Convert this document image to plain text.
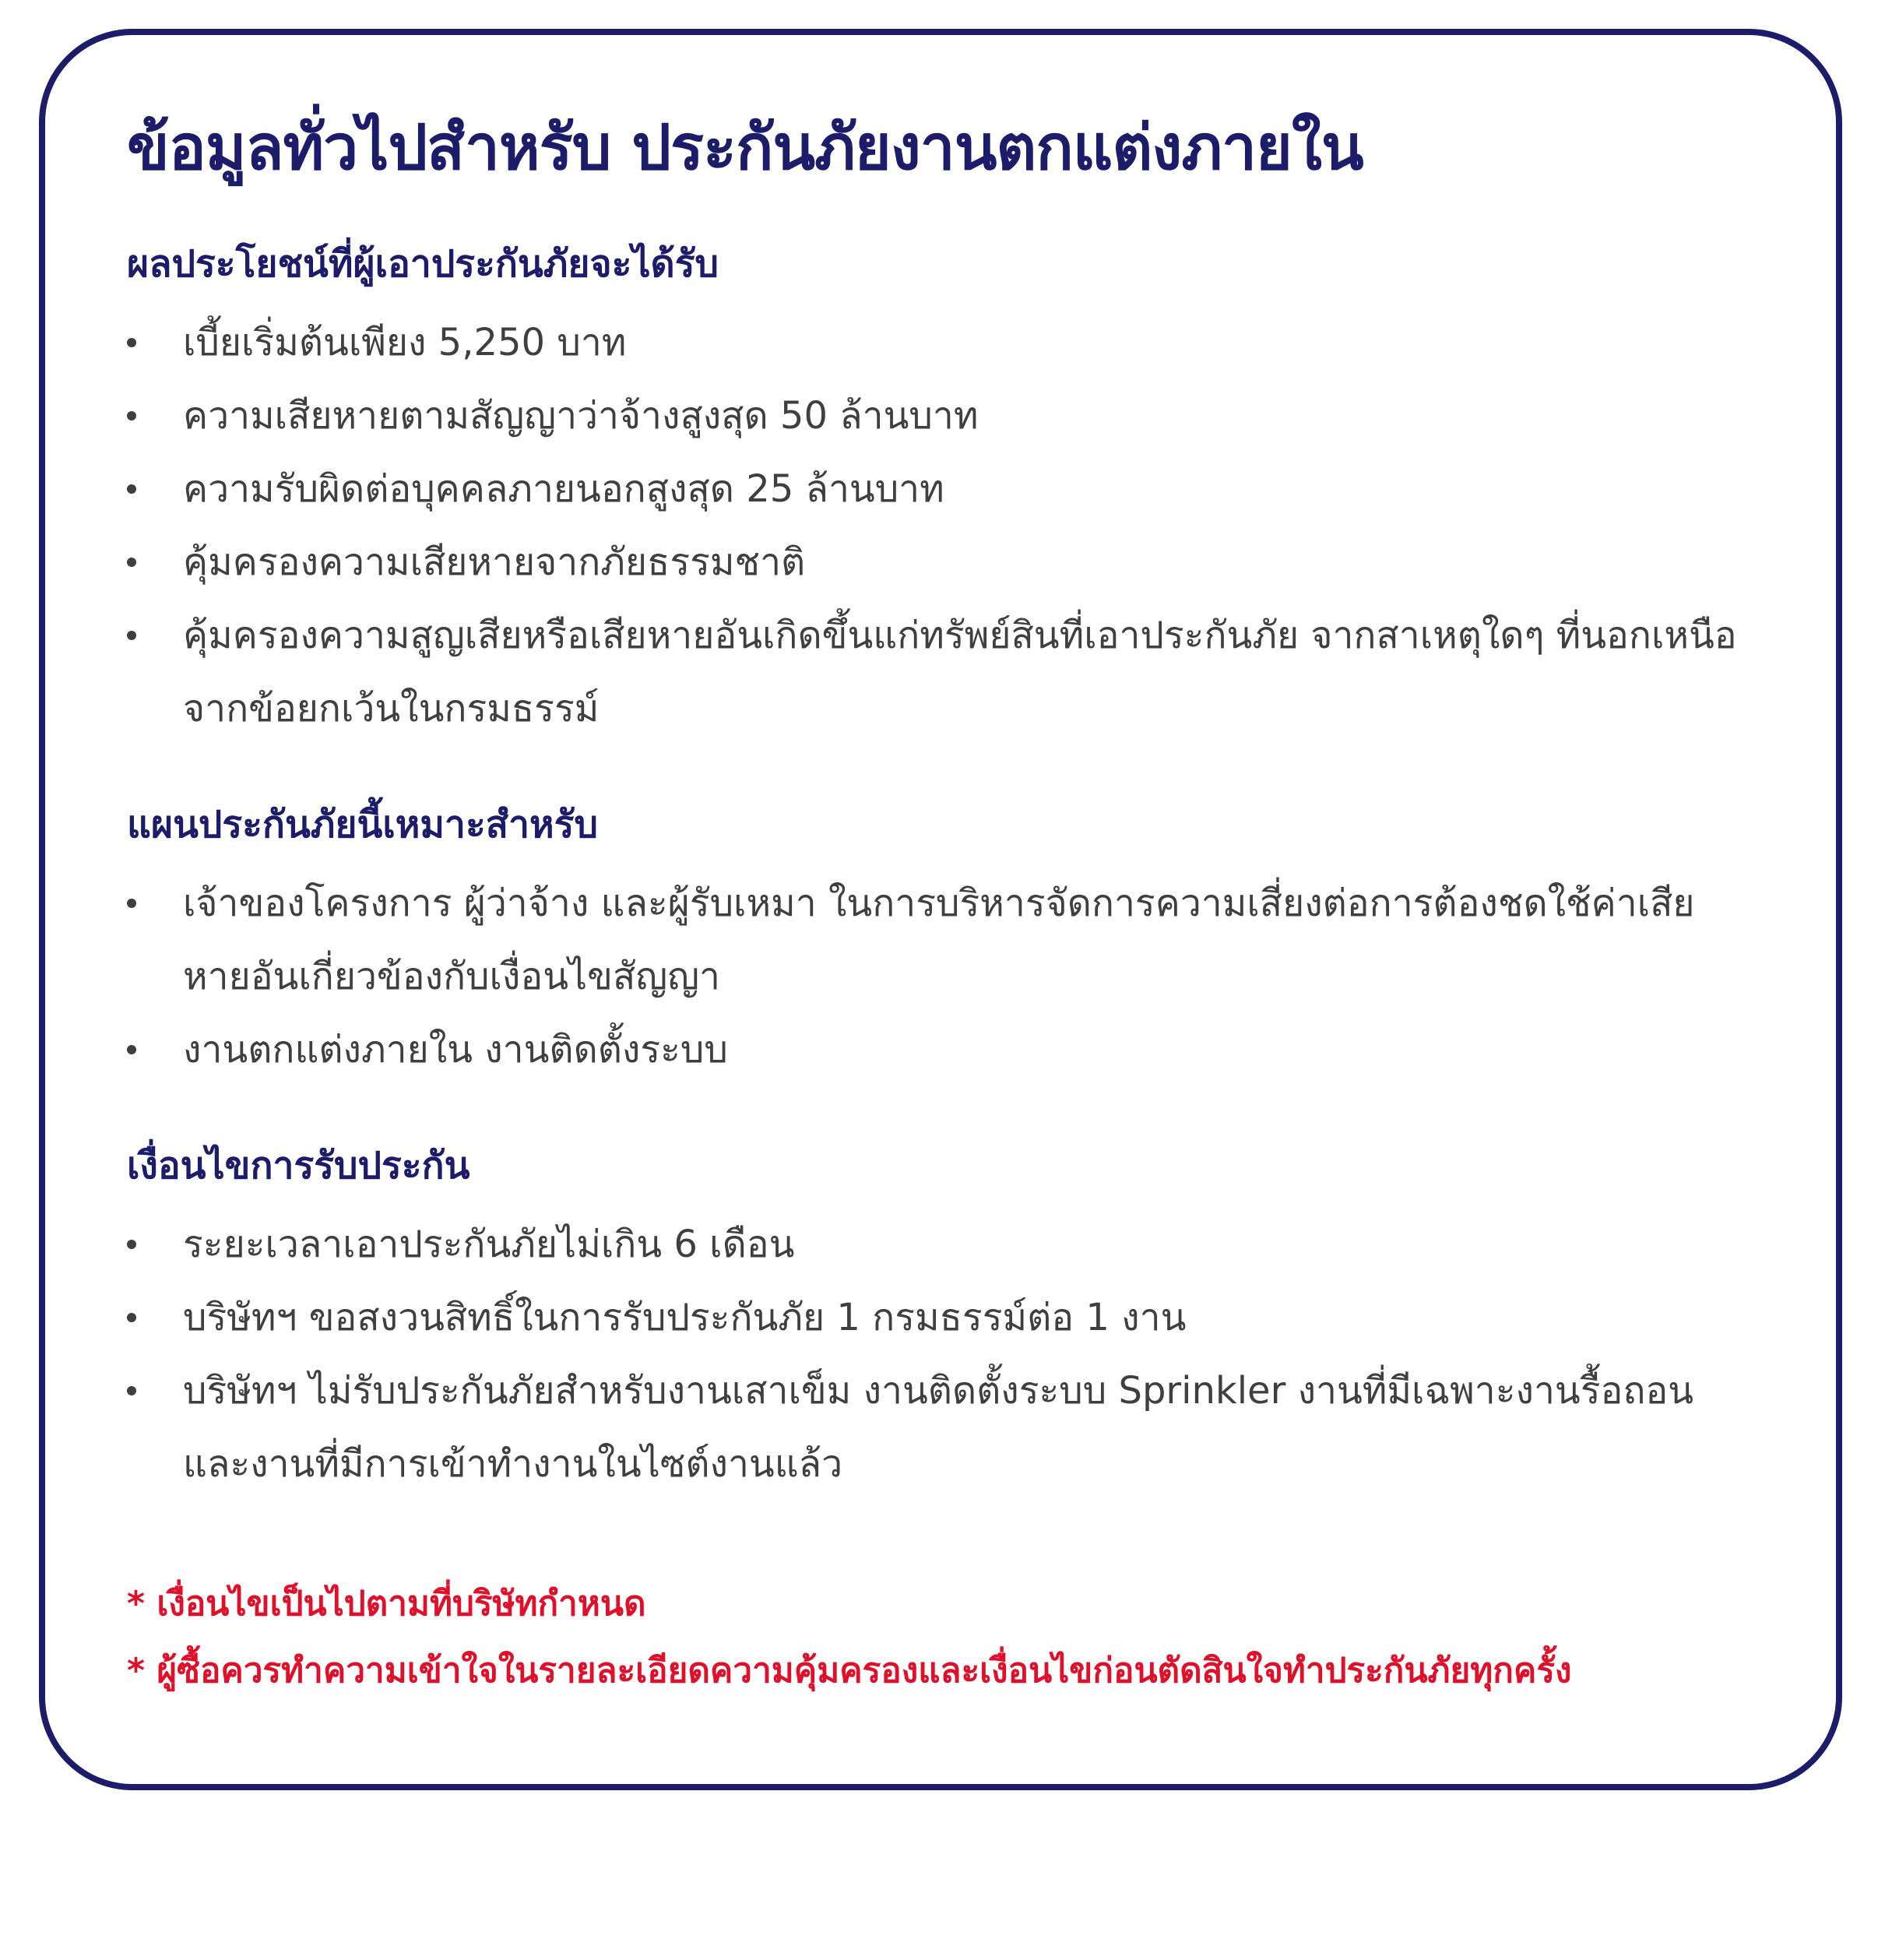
ข้อมูลทั่วไปสำหรับ ประกันภัยงานตกแต่งภายใน
ผลประโยชน์ที่ผู้เอาประกันภัยจะได้รับ
เบี้ยเริ่มต้นเพียง 5,250 บาท
ความเสียหายตามสัญญาว่าจ้างสูงสุด 50 ล้านบาท
ความรับผิดต่อบุคคลภายนอกสูงสุด 25 ล้านบาท
คุ้มครองความเสียหายจากภัยธรรมชาติ
คุ้มครองความสูญเสียหรือเสียหายอันเกิดขึ้นแก่ทรัพย์สินที่เอาประกันภัย จากสาเหตุใดๆ ที่นอกเหนือจากข้อยกเว้นในกรมธรรม์
แผนประกันภัยนี้เหมาะสำหรับ
เจ้าของโครงการ ผู้ว่าจ้าง และผู้รับเหมา ในการบริหารจัดการความเสี่ยงต่อการต้องชดใช้ค่าเสียหายอันเกี่ยวข้องกับเงื่อนไขสัญญา
งานตกแต่งภายใน งานติดตั้งระบบ
เงื่อนไขการรับประกัน
ระยะเวลาเอาประกันภัยไม่เกิน 6 เดือน
บริษัทฯ ขอสงวนสิทธิ์ในการรับประกันภัย 1 กรมธรรม์ต่อ 1 งาน
บริษัทฯ ไม่รับประกันภัยสำหรับงานเสาเข็ม งานติดตั้งระบบ Sprinkler งานที่มีเฉพาะงานรื้อถอน และงานที่มีการเข้าทำงานในไซต์งานแล้ว
* เงื่อนไขเป็นไปตามที่บริษัทกำหนด
* ผู้ซื้อควรทำความเข้าใจในรายละเอียดความคุ้มครองและเงื่อนไขก่อนตัดสินใจทำประกันภัยทุกครั้ง
